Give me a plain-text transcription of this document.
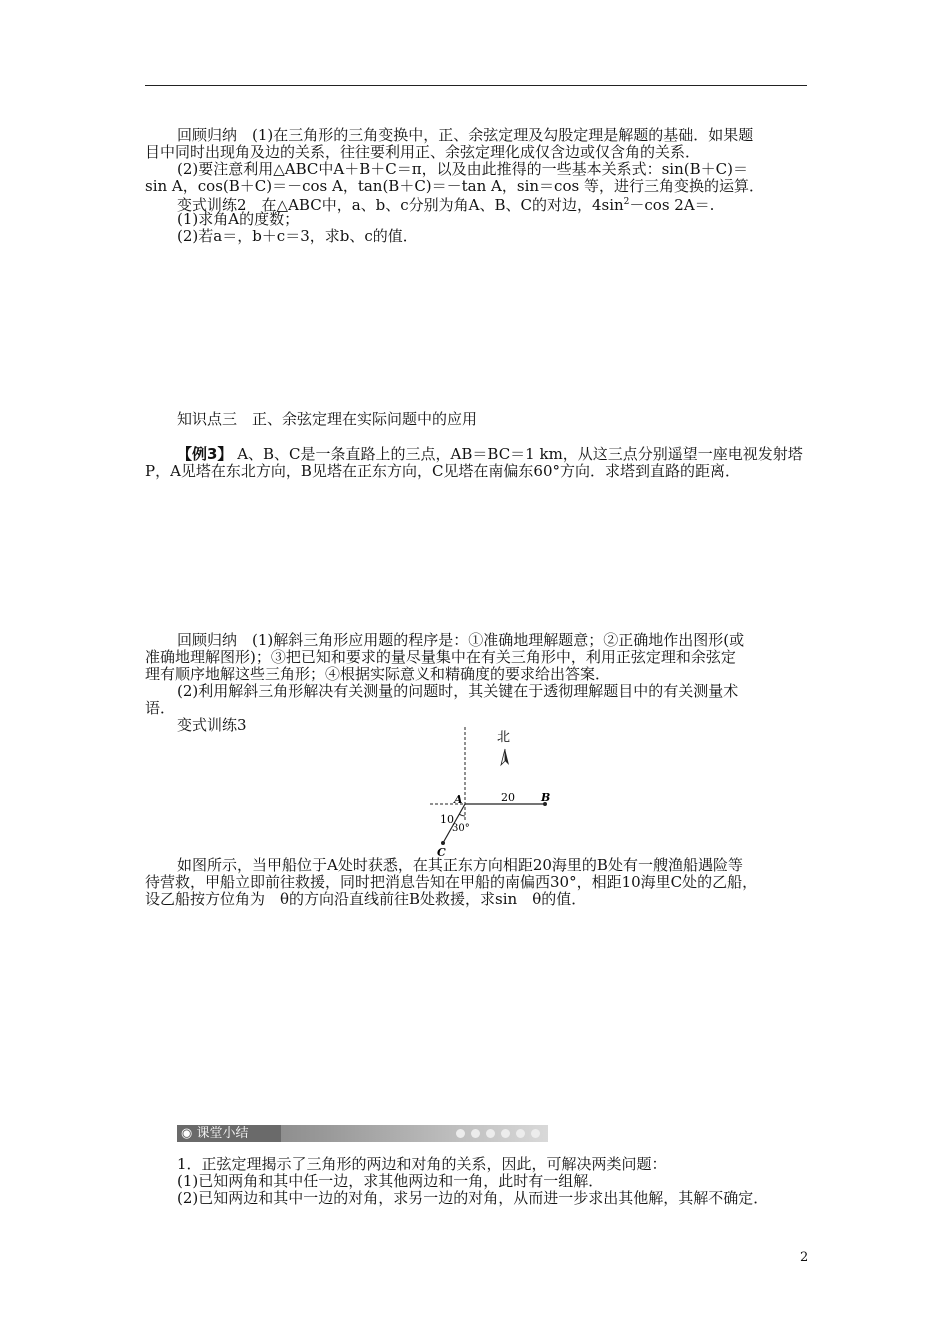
回顾归纳　(1)在三角形的三角变换中，正、余弦定理及勾股定理是解题的基础．如果题
目中同时出现角及边的关系，往往要利用正、余弦定理化成仅含边或仅含角的关系．
(2)要注意利用△ABC中A＋B＋C＝π，以及由此推得的一些基本关系式：sin(B＋C)＝
sin A，cos(B＋C)＝－cos A，tan(B＋C)＝－tan A，sin＝cos 等，进行三角变换的运算．
变式训练2　在△ABC中，a、b、c分别为角A、B、C的对边，$4\sin^2-\cos$ 2A＝.
(1)求角A的度数；
(2)若a＝，b＋c＝3，求b、c的值．
知识点三　正、余弦定理在实际问题中的应用
【例3】 A、B、C是一条直路上的三点，AB＝BC＝1 km，从这三点分别遥望一座电视发射塔
P，A见塔在东北方向，B见塔在正东方向，C见塔在南偏东60°方向．求塔到直路的距离．
回顾归纳　(1)解斜三角形应用题的程序是：①准确地理解题意；②正确地作出图形(或
准确地理解图形)；③把已知和要求的量尽量集中在有关三角形中，利用正弦定理和余弦定
理有顺序地解这些三角形；④根据实际意义和精确度的要求给出答案．
(2)利用解斜三角形解决有关测量的问题时，其关键在于透彻理解题目中的有关测量术
语．
变式训练3
北
A	B
C
20
10
30°
如图所示，当甲船位于A处时获悉，在其正东方向相距20海里的B处有一艘渔船遇险等
待营救，甲船立即前往救援，同时把消息告知在甲船的南偏西30°，相距10海里C处的乙船，
设乙船按方位角为　θ的方向沿直线前往B处救援，求sin　θ的值．
◉ 课堂小结
1．正弦定理揭示了三角形的两边和对角的关系，因此，可解决两类问题：
(1)已知两角和其中任一边，求其他两边和一角，此时有一组解．
(2)已知两边和其中一边的对角，求另一边的对角，从而进一步求出其他解，其解不确定．
2
